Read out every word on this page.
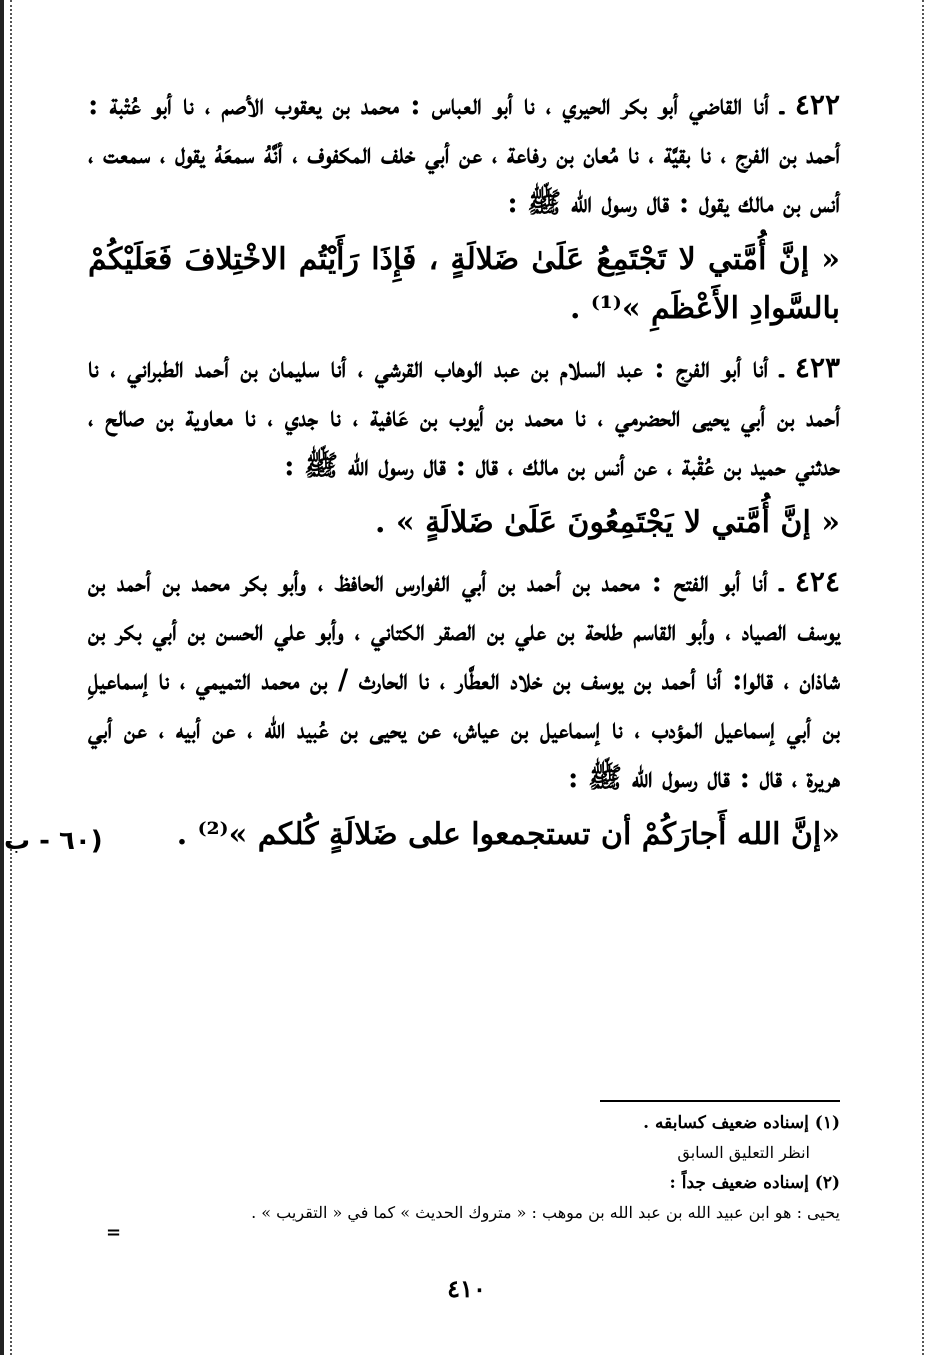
٤٢٢ ـ أنا القاضي أبو بكر الحيري ، نا أبو العباس : محمد بن يعقوب الأصم ، نا أبو عُتْبة : أحمد بن الفرج ، نا بقيَّة ، نا مُعان بن رفاعة ، عن أبي خلف المكفوف ، أنَّهُ سمعَهُ يقول ، سمعت ، أنس بن مالك يقول : قال رسول الله ﷺ :

« إنَّ أُمَّتي لا تَجْتَمِعُ عَلَىٰ ضَلالَةٍ ، فَإِذَا رَأَيْتُم الاخْتِلافَ فَعَلَيْكُمْ بالسَّوادِ الأَعْظَمِ »⁽¹⁾ .

٤٢٣ ـ أنا أبو الفرج : عبد السلام بن عبد الوهاب القرشي ، أنا سليمان بن أحمد الطبراني ، نا أحمد بن أبي يحيى الحضرمي ، نا محمد بن أيوب بن عَافية ، نا جدي ، نا معاوية بن صالح ، حدثني حميد بن عُقْبة ، عن أنس بن مالك ، قال : قال رسول الله ﷺ :

« إنَّ أُمَّتي لا يَجْتَمِعُونَ عَلَىٰ ضَلالَةٍ » .

٤٢٤ ـ أنا أبو الفتح : محمد بن أحمد بن أبي الفوارس الحافظ ، وأبو بكر محمد بن أحمد بن يوسف الصياد ، وأبو القاسم طلحة بن علي بن الصقر الكتاني ، وأبو علي الحسن بن أبي بكر بن شاذان ، قالوا: أنا أحمد بن يوسف بن خلاد العطَّار ، نا الحارث / بن محمد التميمي ، نا إسماعيلِ بن أبي إسماعيل المؤدب ، نا إسماعيل بن عياش، عن يحيى بن عُبيد الله ، عن أبيه ، عن أبي هريرة ، قال : قال رسول الله ﷺ :

«إنَّ الله أَجارَكُمْ أن تستجمعوا على ضَلالَةٍ كُلكم »⁽²⁾ .

(٦٠ - ب

(١) إسناده ضعيف كسابقه .

انظر التعليق السابق

(٢) إسناده ضعيف جداً :

يحيى : هو ابن عبيد الله بن عبد الله بن موهب : « متروك الحديث » كما في « التقريب » .

=
٤١٠
